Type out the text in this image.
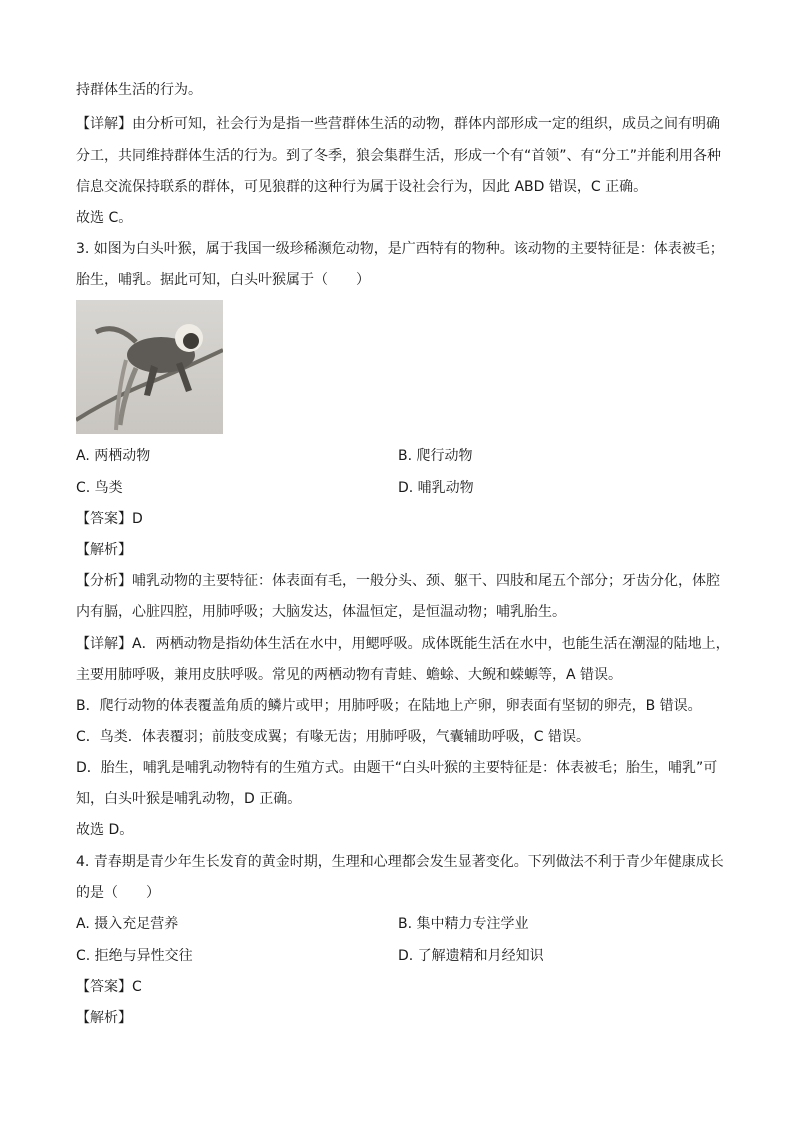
持群体生活的行为。
【详解】由分析可知，社会行为是指一些营群体生活的动物，群体内部形成一定的组织，成员之间有明确
分工，共同维持群体生活的行为。到了冬季，狼会集群生活，形成一个有“首领”、有“分工”并能利用各种
信息交流保持联系的群体，可见狼群的这种行为属于设社会行为，因此 ABD 错误，C 正确。
故选 C。
3. 如图为白头叶猴，属于我国一级珍稀濒危动物，是广西特有的物种。该动物的主要特征是：体表被毛；
胎生，哺乳。据此可知，白头叶猴属于（　　）
A. 两栖动物	B. 爬行动物
C. 鸟类	D. 哺乳动物
【答案】D
【解析】
【分析】哺乳动物的主要特征：体表面有毛，一般分头、颈、躯干、四肢和尾五个部分；牙齿分化，体腔
内有膈，心脏四腔，用肺呼吸；大脑发达，体温恒定，是恒温动物；哺乳胎生。
【详解】A．两栖动物是指幼体生活在水中，用鳃呼吸。成体既能生活在水中，也能生活在潮湿的陆地上，
主要用肺呼吸，兼用皮肤呼吸。常见的两栖动物有青蛙、蟾蜍、大鲵和蝾螈等，A 错误。
B．爬行动物的体表覆盖角质的鳞片或甲；用肺呼吸；在陆地上产卵，卵表面有坚韧的卵壳，B 错误。
C．鸟类．体表覆羽；前肢变成翼；有喙无齿；用肺呼吸，气囊辅助呼吸，C 错误。
D．胎生，哺乳是哺乳动物特有的生殖方式。由题干“白头叶猴的主要特征是：体表被毛；胎生，哺乳”可
知，白头叶猴是哺乳动物，D 正确。
故选 D。
4. 青春期是青少年生长发育的黄金时期，生理和心理都会发生显著变化。下列做法不利于青少年健康成长
的是（　　）
A. 摄入充足营养	B. 集中精力专注学业
C. 拒绝与异性交往	D. 了解遗精和月经知识
【答案】C
【解析】
